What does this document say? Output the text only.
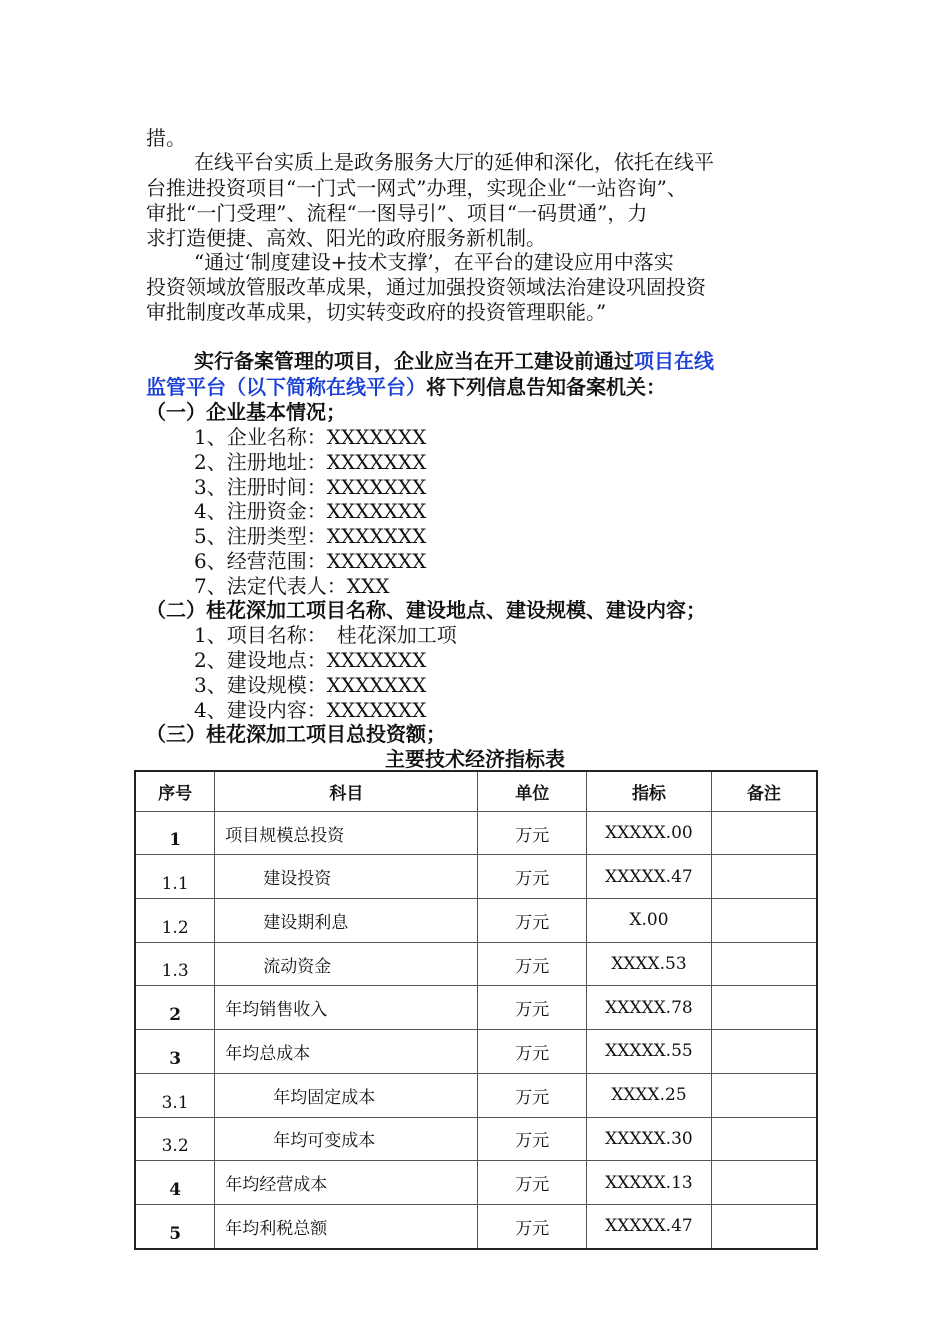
措。
在线平台实质上是政务服务大厅的延伸和深化，依托在线平
台推进投资项目“一门式一网式”办理，实现企业“一站咨询”、
审批“一门受理”、流程“一图导引”、项目“一码贯通”，力
求打造便捷、高效、阳光的政府服务新机制。
“通过‘制度建设+技术支撑’，在平台的建设应用中落实
投资领域放管服改革成果，通过加强投资领域法治建设巩固投资
审批制度改革成果，切实转变政府的投资管理职能。”
实行备案管理的项目，企业应当在开工建设前通过项目在线
监管平台（以下简称在线平台）将下列信息告知备案机关：
（一）企业基本情况；
1、企业名称：XXXXXXX
2、注册地址：XXXXXXX
3、注册时间：XXXXXXX
4、注册资金：XXXXXXX
5、注册类型：XXXXXXX
6、经营范围：XXXXXXX
7、法定代表人：XXX
（二）桂花深加工项目名称、建设地点、建设规模、建设内容；
1、项目名称：　桂花深加工项
2、建设地点：XXXXXXX
3、建设规模：XXXXXXX
4、建设内容：XXXXXXX
（三）桂花深加工项目总投资额；
主要技术经济指标表
序号	科目	单位	指标	备注
1	项目规模总投资	万元	XXXXX.00	
1.1	建设投资	万元	XXXXX.47	
1.2	建设期利息	万元	X.00	
1.3	流动资金	万元	XXXX.53	
2	年均销售收入	万元	XXXXX.78	
3	年均总成本	万元	XXXXX.55	
3.1	年均固定成本	万元	XXXX.25	
3.2	年均可变成本	万元	XXXXX.30	
4	年均经营成本	万元	XXXXX.13	
5	年均利税总额	万元	XXXXX.47	
